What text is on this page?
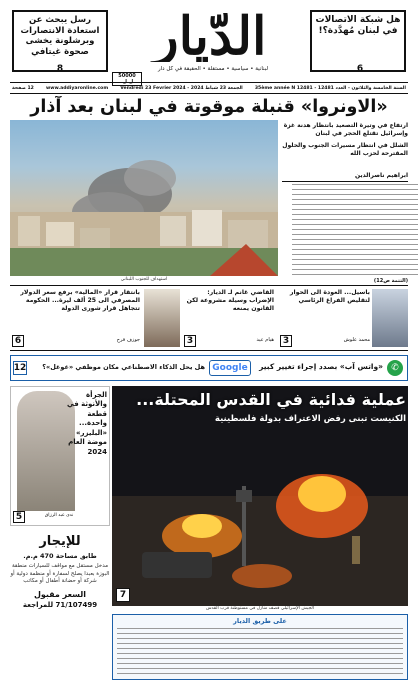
رسل يبحث عن استعادة الانتصارات وبرشلونة يخشى صحوة غيتافي
8
هل شبكة الاتصالات في لبنان مُهدَّدة؟!
6
الدّيار
لبنانية • سياسية • مستقلة • الحقيقة في كل دار
50000 ل.ل.
السنة الخامسة والثلاثون - العدد 12481 - 35ème année N 12481
الجمعة 23 شباط 2024 - Vendredi 23 Fevrier 2024
www.addiyaronline.com
12 صفحة
«الاونروا» قنبلة موقوتة في لبنان بعد آذار
استهداف للجنوب اللبناني
ارتفاع في وتيرة التصعيد بانتظار هدنة غزة وإسرائيل تقتلع الحجر في لبنان
الشلل في انتظار مسيرات الجنوب والحلول المقترحة لحزب الله
ابراهيم ناصرالدين
(التتمة ص12)
باسيل... العودة الى الحوار لتقليص الفراغ الرئاسي
محمد علوش
3
القاضي غانم لـ الديار: الإضراب وسيلة مشروعة لكن القانون يمنعه
هيام عيد
3
بانتقار قرار «المالية» برفع سعر الدولار المصرفي الى 25 ألف ليرة... الحكومة تتجاهل قرار شورى الدولة
جوزف فرح
6
✆
«واتس آب» بصدد إجراء تغيير كبير
Google
هل يحل الذكاء الاصطناعي مكان موظفي «غوغل»؟
12
عملية فدائية في القدس المحتلة...
الكنيست تبنى رفض الاعتراف بدولة فلسطينية
7
الجيش الإسرائيلي قصف منازل في مستوطنة قرب القدس
الجرأة والأنوثة في قطعة واحدة... «البليزر» موضة العام 2024
ندى عبد الرزاق
5
للإيجار
طابق مساحة 470 م.م.
مدخل مستقل مع مواقف للسيارات منطقة البوزة بعبدا يصلح لسفارة أو منظمة دولية أو شركة أو حضانة أطفال أو مكاتب
السعر مقبول
71/107499 للمراجعة
على طريق الديار
